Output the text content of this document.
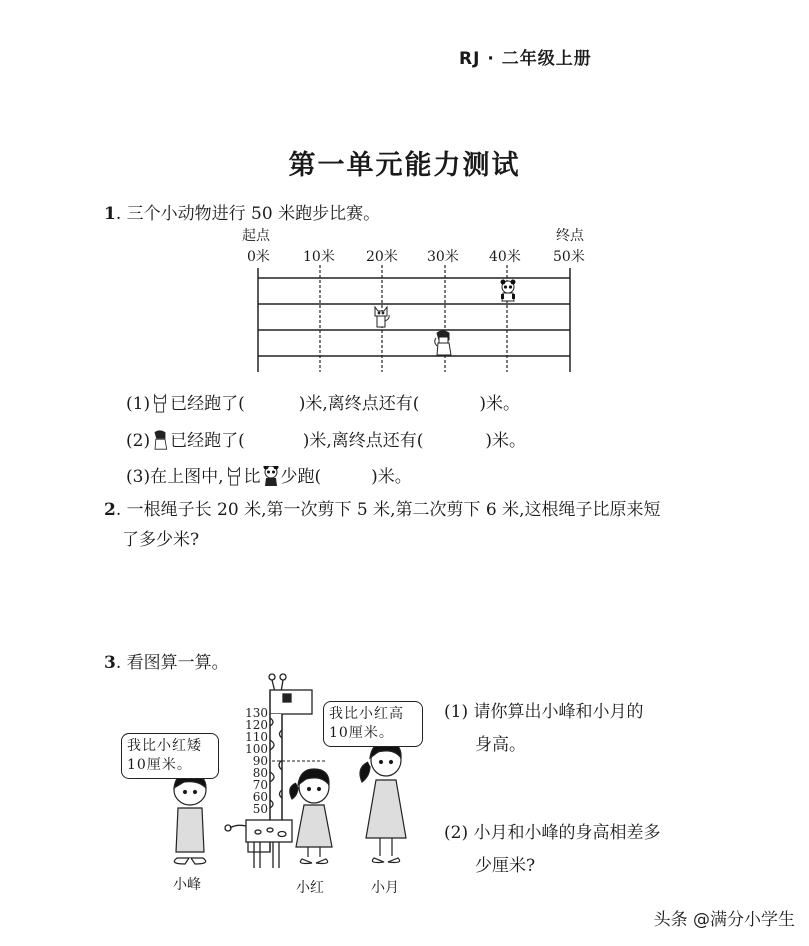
RJ · 二年级上册
第一单元能力测试
1. 三个小动物进行 50 米跑步比赛。
起点	终点
0米 10米 20米 30米 40米 50米
(1) 已经跑了(	)米,离终点还有(	)米。
(2) 已经跑了(	)米,离终点还有(	)米。
(3)在上图中, 比 少跑(	)米。
2. 一根绳子长 20 米,第一次剪下 5 米,第二次剪下 6 米,这根绳子比原来短
了多少米?
3. 看图算一算。
130
120
110
100
90
80
70
60
50
我比小红矮
10厘米。
我比小红高
10厘米。
小峰	小红	小月
(1) 请你算出小峰和小月的
身高。
(2) 小月和小峰的身高相差多
少厘米?
头条 @满分小学生
